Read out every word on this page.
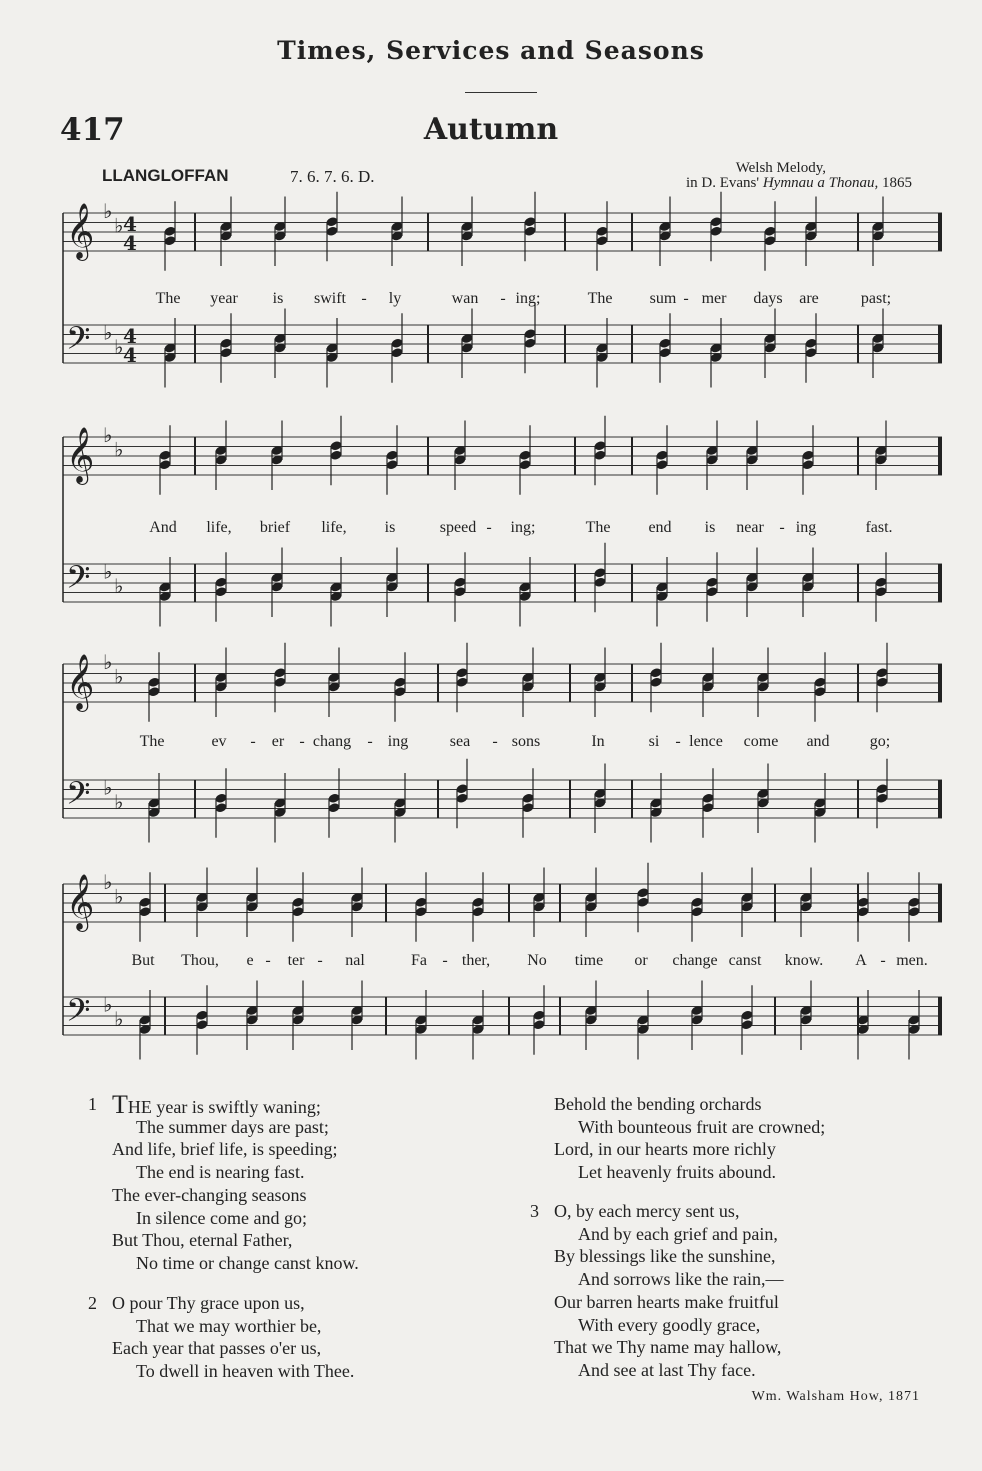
Times, Services and Seasons
417	Autumn
LLANGLOFFAN	7. 6. 7. 6. D.	Welsh Melody,
in D. Evans' Hymnau a Thonau, 1865
𝄞 ♭
♭ 4
4
𝄢 ♭
♭ 4
4
The year is swift - ly	wan - ing;	The sum - mer days are	past;
𝄞 ♭
♭
𝄢 ♭
♭
And life, brief life, is	speed - ing;	The end is near - ing	fast.
𝄞 ♭
♭
𝄢 ♭
♭
The	ev - er - chang - ing	sea - sons	In	si - lence come and	go;
𝄞 ♭
♭
𝄢 ♭
♭
But Thou, e - ter - nal	Fa - ther, No time or change canst know. A - men.
1 THE year is swiftly waning;
The summer days are past;
And life, brief life, is speeding;
The end is nearing fast.
The ever-changing seasons
In silence come and go;
But Thou, eternal Father,
No time or change canst know.
2 O pour Thy grace upon us,
That we may worthier be,
Each year that passes o'er us,
To dwell in heaven with Thee.
Behold the bending orchards
With bounteous fruit are crowned;
Lord, in our hearts more richly
Let heavenly fruits abound.
3 O, by each mercy sent us,
And by each grief and pain,
By blessings like the sunshine,
And sorrows like the rain,—
Our barren hearts make fruitful
With every goodly grace,
That we Thy name may hallow,
And see at last Thy face.
Wm. Walsham How, 1871
